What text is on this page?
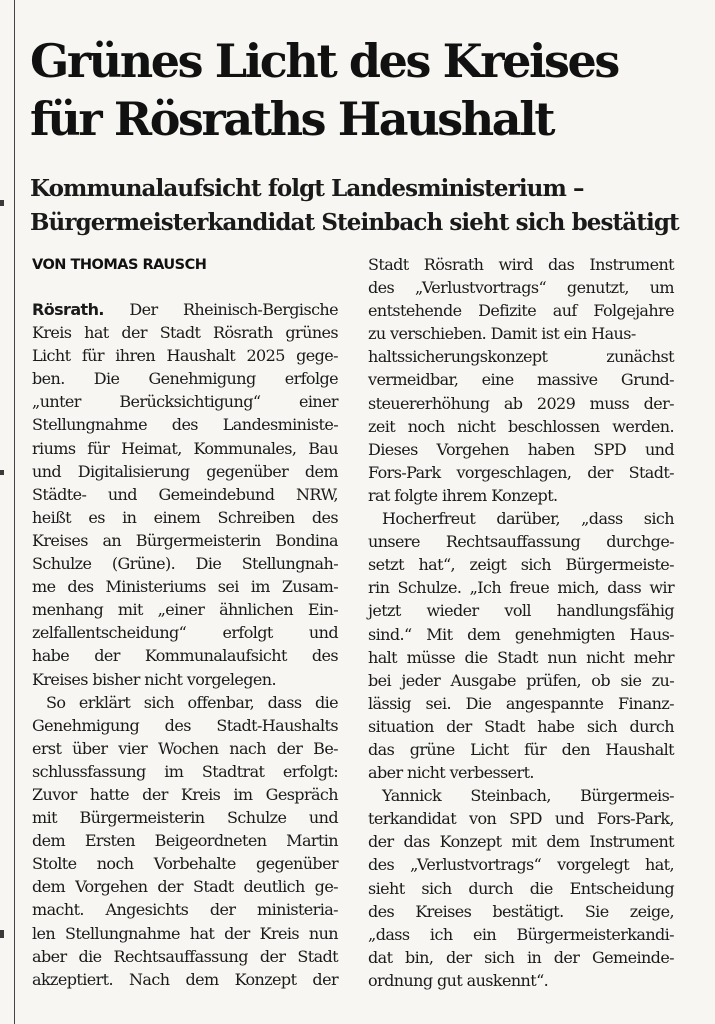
Grünes Licht des Kreises
für Rösraths Haushalt
Kommunalaufsicht folgt Landesministerium –
Bürgermeisterkandidat Steinbach sieht sich bestätigt
VON THOMAS RAUSCH
Rösrath. Der Rheinisch-Bergische
Kreis hat der Stadt Rösrath grünes
Licht für ihren Haushalt 2025 gege-
ben. Die Genehmigung erfolge
„unter Berücksichtigung“ einer
Stellungnahme des Landesministe-
riums für Heimat, Kommunales, Bau
und Digitalisierung gegenüber dem
Städte- und Gemeindebund NRW,
heißt es in einem Schreiben des
Kreises an Bürgermeisterin Bondina
Schulze (Grüne). Die Stellungnah-
me des Ministeriums sei im Zusam-
menhang mit „einer ähnlichen Ein-
zelfallentscheidung“ erfolgt und
habe der Kommunalaufsicht des
Kreises bisher nicht vorgelegen.
So erklärt sich offenbar, dass die
Genehmigung des Stadt-Haushalts
erst über vier Wochen nach der Be-
schlussfassung im Stadtrat erfolgt:
Zuvor hatte der Kreis im Gespräch
mit Bürgermeisterin Schulze und
dem Ersten Beigeordneten Martin
Stolte noch Vorbehalte gegenüber
dem Vorgehen der Stadt deutlich ge-
macht. Angesichts der ministeria-
len Stellungnahme hat der Kreis nun
aber die Rechtsauffassung der Stadt
akzeptiert. Nach dem Konzept der
Stadt Rösrath wird das Instrument
des „Verlustvortrags“ genutzt, um
entstehende Defizite auf Folgejahre
zu verschieben. Damit ist ein Haus-
haltssicherungskonzept zunächst
vermeidbar, eine massive Grund-
steuererhöhung ab 2029 muss der-
zeit noch nicht beschlossen werden.
Dieses Vorgehen haben SPD und
Fors-Park vorgeschlagen, der Stadt-
rat folgte ihrem Konzept.
Hocherfreut darüber, „dass sich
unsere Rechtsauffassung durchge-
setzt hat“, zeigt sich Bürgermeiste-
rin Schulze. „Ich freue mich, dass wir
jetzt wieder voll handlungsfähig
sind.“ Mit dem genehmigten Haus-
halt müsse die Stadt nun nicht mehr
bei jeder Ausgabe prüfen, ob sie zu-
lässig sei. Die angespannte Finanz-
situation der Stadt habe sich durch
das grüne Licht für den Haushalt
aber nicht verbessert.
Yannick Steinbach, Bürgermeis-
terkandidat von SPD und Fors-Park,
der das Konzept mit dem Instrument
des „Verlustvortrags“ vorgelegt hat,
sieht sich durch die Entscheidung
des Kreises bestätigt. Sie zeige,
„dass ich ein Bürgermeisterkandi-
dat bin, der sich in der Gemeinde-
ordnung gut auskennt“.
